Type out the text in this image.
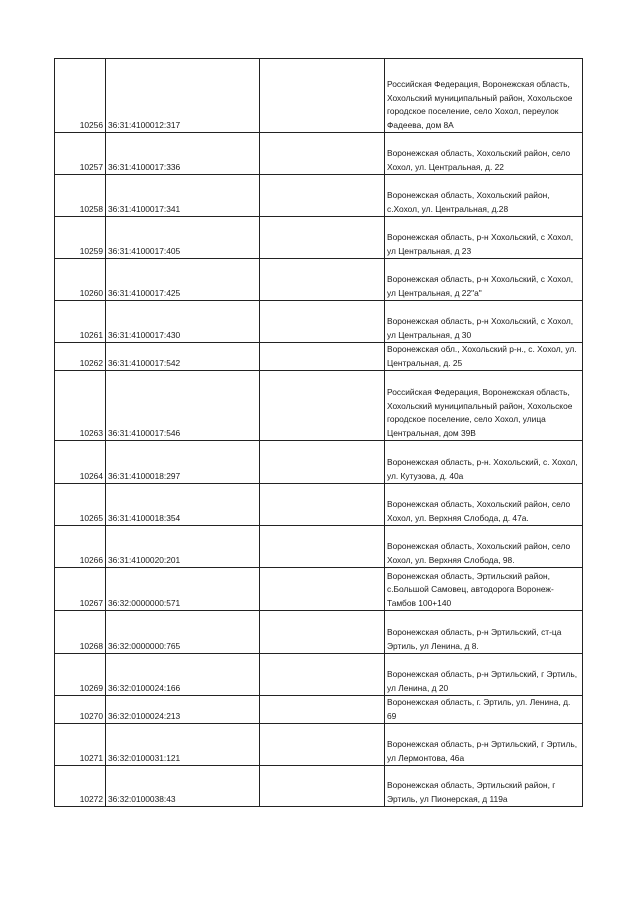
10256	36:31:4100012:317		Российская Федерация, Воронежская область, Хохольский муниципальный район, Хохольское городское поселение, село Хохол, переулок Фадеева, дом 8А
10257	36:31:4100017:336		Воронежская область, Хохольский район, село Хохол, ул. Центральная, д. 22
10258	36:31:4100017:341		Воронежская область, Хохольский район, с.Хохол, ул. Центральная, д.28
10259	36:31:4100017:405		Воронежская область, р-н Хохольский, с Хохол, ул Центральная, д 23
10260	36:31:4100017:425		Воронежская область, р-н Хохольский, с Хохол, ул Центральная, д 22"а"
10261	36:31:4100017:430		Воронежская область, р-н Хохольский, с Хохол, ул Центральная, д 30
10262	36:31:4100017:542		Воронежская обл., Хохольский р-н., с. Хохол, ул. Центральная, д. 25
10263	36:31:4100017:546		Российская Федерация, Воронежская область, Хохольский муниципальный район, Хохольское городское поселение, село Хохол, улица Центральная, дом 39В
10264	36:31:4100018:297		Воронежская область, р-н. Хохольский, с. Хохол, ул. Кутузова, д. 40а
10265	36:31:4100018:354		Воронежская область, Хохольский район, село Хохол, ул. Верхняя Слобода, д. 47а.
10266	36:31:4100020:201		Воронежская область, Хохольский район, село Хохол, ул. Верхняя Слобода, 98.
10267	36:32:0000000:571		Воронежская область, Эртильский район, с.Большой Самовец, автодорога Воронеж-Тамбов 100+140
10268	36:32:0000000:765		Воронежская область, р-н Эртильский, ст-ца Эртиль, ул Ленина, д 8.
10269	36:32:0100024:166		Воронежская область, р-н Эртильский, г Эртиль, ул Ленина, д 20
10270	36:32:0100024:213		Воронежская область, г. Эртиль, ул. Ленина, д. 69
10271	36:32:0100031:121		Воронежская область, р-н Эртильский, г Эртиль, ул Лермонтова, 46а
10272	36:32:0100038:43		Воронежская область, Эртильский район, г Эртиль, ул Пионерская, д 119а
